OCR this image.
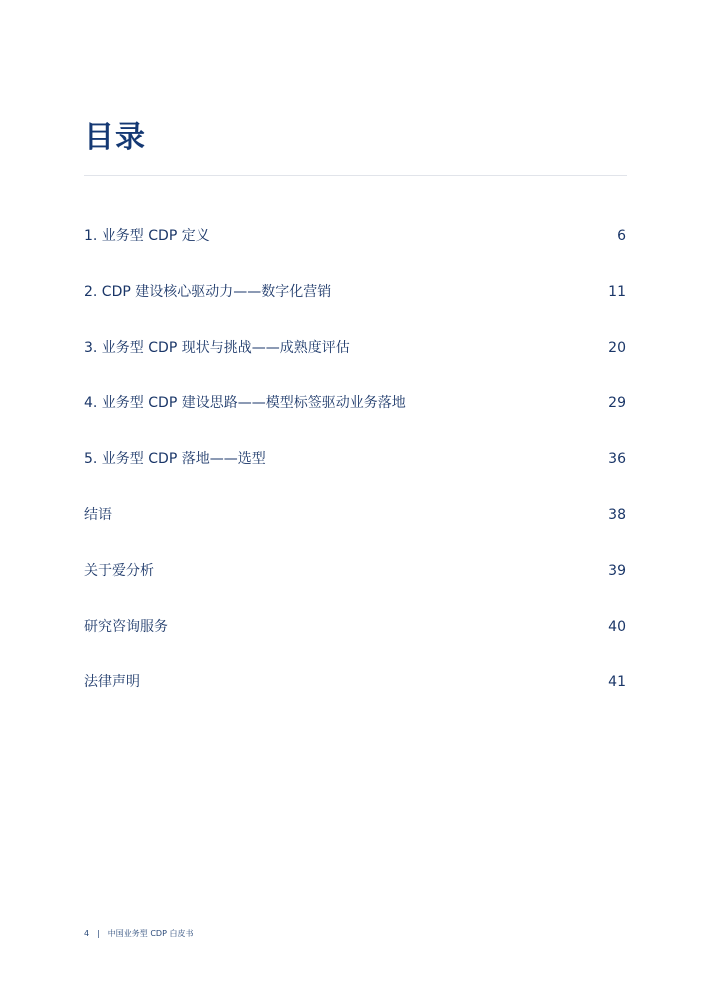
目录
1. 业务型 CDP 定义	6
2. CDP 建设核心驱动力——数字化营销	11
3. 业务型 CDP 现状与挑战——成熟度评估	20
4. 业务型 CDP 建设思路——模型标签驱动业务落地	29
5. 业务型 CDP 落地——选型	36
结语	38
关于爱分析	39
研究咨询服务	40
法律声明	41
4 | 中国业务型 CDP 白皮书
